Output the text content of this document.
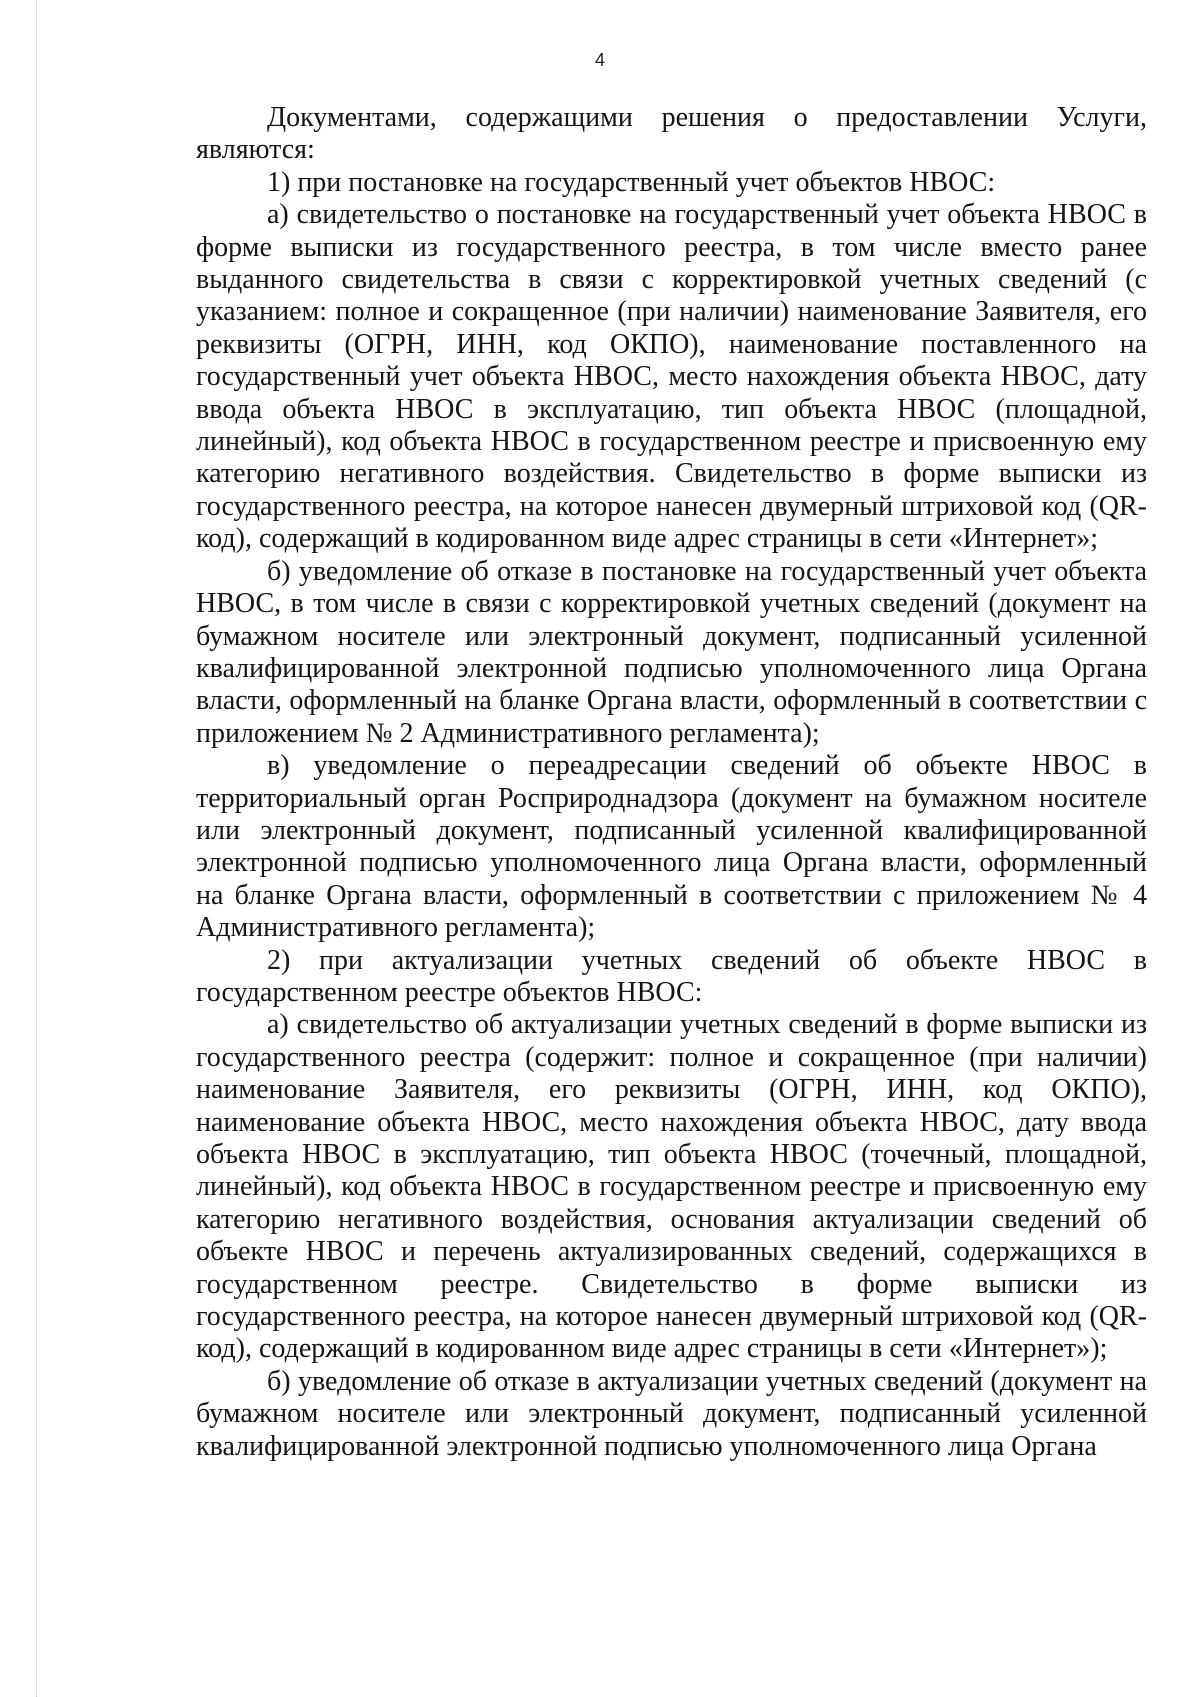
4

Документами, содержащими решения о предоставлении Услуги, являются:

1) при постановке на государственный учет объектов НВОС:

а) свидетельство о постановке на государственный учет объекта НВОС в форме выписки из государственного реестра, в том числе вместо ранее выданного свидетельства в связи с корректировкой учетных сведений (с указанием: полное и сокращенное (при наличии) наименование Заявителя, его реквизиты (ОГРН, ИНН, код ОКПО), наименование поставленного на государственный учет объекта НВОС, место нахождения объекта НВОС, дату ввода объекта НВОС в эксплуатацию, тип объекта НВОС (площадной, линейный), код объекта НВОС в государственном реестре и присвоенную ему категорию негативного воздействия. Свидетельство в форме выписки из государственного реестра, на которое нанесен двумерный штриховой код (QR-код), содержащий в кодированном виде адрес страницы в сети «Интернет»;

б) уведомление об отказе в постановке на государственный учет объекта НВОС, в том числе в связи с корректировкой учетных сведений (документ на бумажном носителе или электронный документ, подписанный усиленной квалифицированной электронной подписью уполномоченного лица Органа власти, оформленный на бланке Органа власти, оформленный в соответствии с приложением № 2 Административного регламента);

в) уведомление о переадресации сведений об объекте НВОС в территориальный орган Росприроднадзора (документ на бумажном носителе или электронный документ, подписанный усиленной квалифицированной электронной подписью уполномоченного лица Органа власти, оформленный на бланке Органа власти, оформленный в соответствии с приложением № 4 Административного регламента);

2) при актуализации учетных сведений об объекте НВОС в государственном реестре объектов НВОС:

а) свидетельство об актуализации учетных сведений в форме выписки из государственного реестра (содержит: полное и сокращенное (при наличии) наименование Заявителя, его реквизиты (ОГРН, ИНН, код ОКПО), наименование объекта НВОС, место нахождения объекта НВОС, дату ввода объекта НВОС в эксплуатацию, тип объекта НВОС (точечный, площадной, линейный), код объекта НВОС в государственном реестре и присвоенную ему категорию негативного воздействия, основания актуализации сведений об объекте НВОС и перечень актуализированных сведений, содержащихся в государственном реестре. Свидетельство в форме выписки из государственного реестра, на которое нанесен двумерный штриховой код (QR-код), содержащий в кодированном виде адрес страницы в сети «Интернет»);

б) уведомление об отказе в актуализации учетных сведений (документ на бумажном носителе или электронный документ, подписанный усиленной квалифицированной электронной подписью уполномоченного лица Органа
